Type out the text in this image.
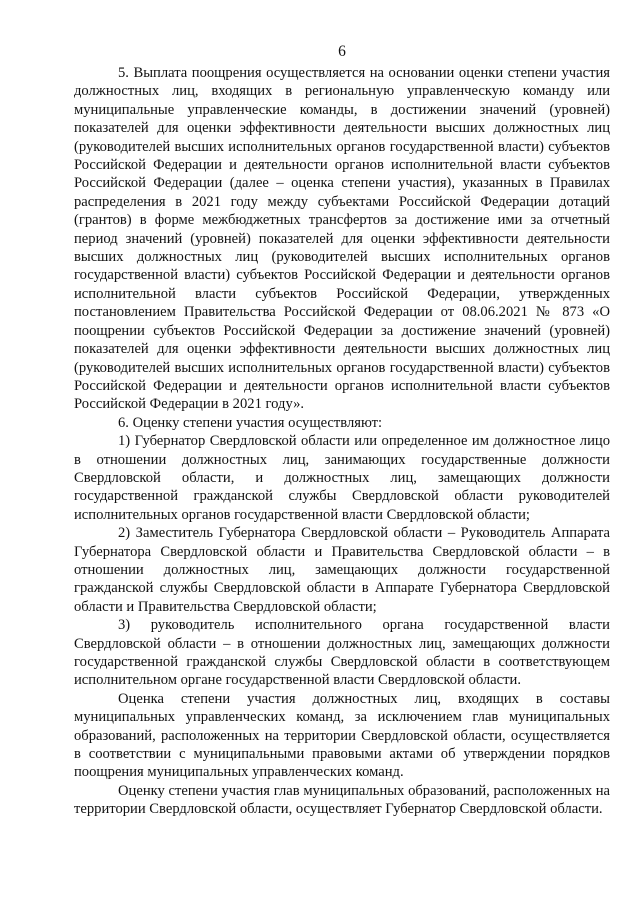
6

5. Выплата поощрения осуществляется на основании оценки степени участия должностных лиц, входящих в региональную управленческую команду или муниципальные управленческие команды, в достижении значений (уровней) показателей для оценки эффективности деятельности высших должностных лиц (руководителей высших исполнительных органов государственной власти) субъектов Российской Федерации и деятельности органов исполнительной власти субъектов Российской Федерации (далее – оценка степени участия), указанных в Правилах распределения в 2021 году между субъектами Российской Федерации дотаций (грантов) в форме межбюджетных трансфертов за достижение ими за отчетный период значений (уровней) показателей для оценки эффективности деятельности высших должностных лиц (руководителей высших исполнительных органов государственной власти) субъектов Российской Федерации и деятельности органов исполнительной власти субъектов Российской Федерации, утвержденных постановлением Правительства Российской Федерации от 08.06.2021 № 873 «О поощрении субъектов Российской Федерации за достижение значений (уровней) показателей для оценки эффективности деятельности высших должностных лиц (руководителей высших исполнительных органов государственной власти) субъектов Российской Федерации и деятельности органов исполнительной власти субъектов Российской Федерации в 2021 году».

6. Оценку степени участия осуществляют:

1) Губернатор Свердловской области или определенное им должностное лицо в отношении должностных лиц, занимающих государственные должности Свердловской области, и должностных лиц, замещающих должности государственной гражданской службы Свердловской области руководителей исполнительных органов государственной власти Свердловской области;

2) Заместитель Губернатора Свердловской области – Руководитель Аппарата Губернатора Свердловской области и Правительства Свердловской области – в отношении должностных лиц, замещающих должности государственной гражданской службы Свердловской области в Аппарате Губернатора Свердловской области и Правительства Свердловской области;

3) руководитель исполнительного органа государственной власти Свердловской области – в отношении должностных лиц, замещающих должности государственной гражданской службы Свердловской области в соответствующем исполнительном органе государственной власти Свердловской области.

Оценка степени участия должностных лиц, входящих в составы муниципальных управленческих команд, за исключением глав муниципальных образований, расположенных на территории Свердловской области, осуществляется в соответствии с муниципальными правовыми актами об утверждении порядков поощрения муниципальных управленческих команд.

Оценку степени участия глав муниципальных образований, расположенных на территории Свердловской области, осуществляет Губернатор Свердловской области.
